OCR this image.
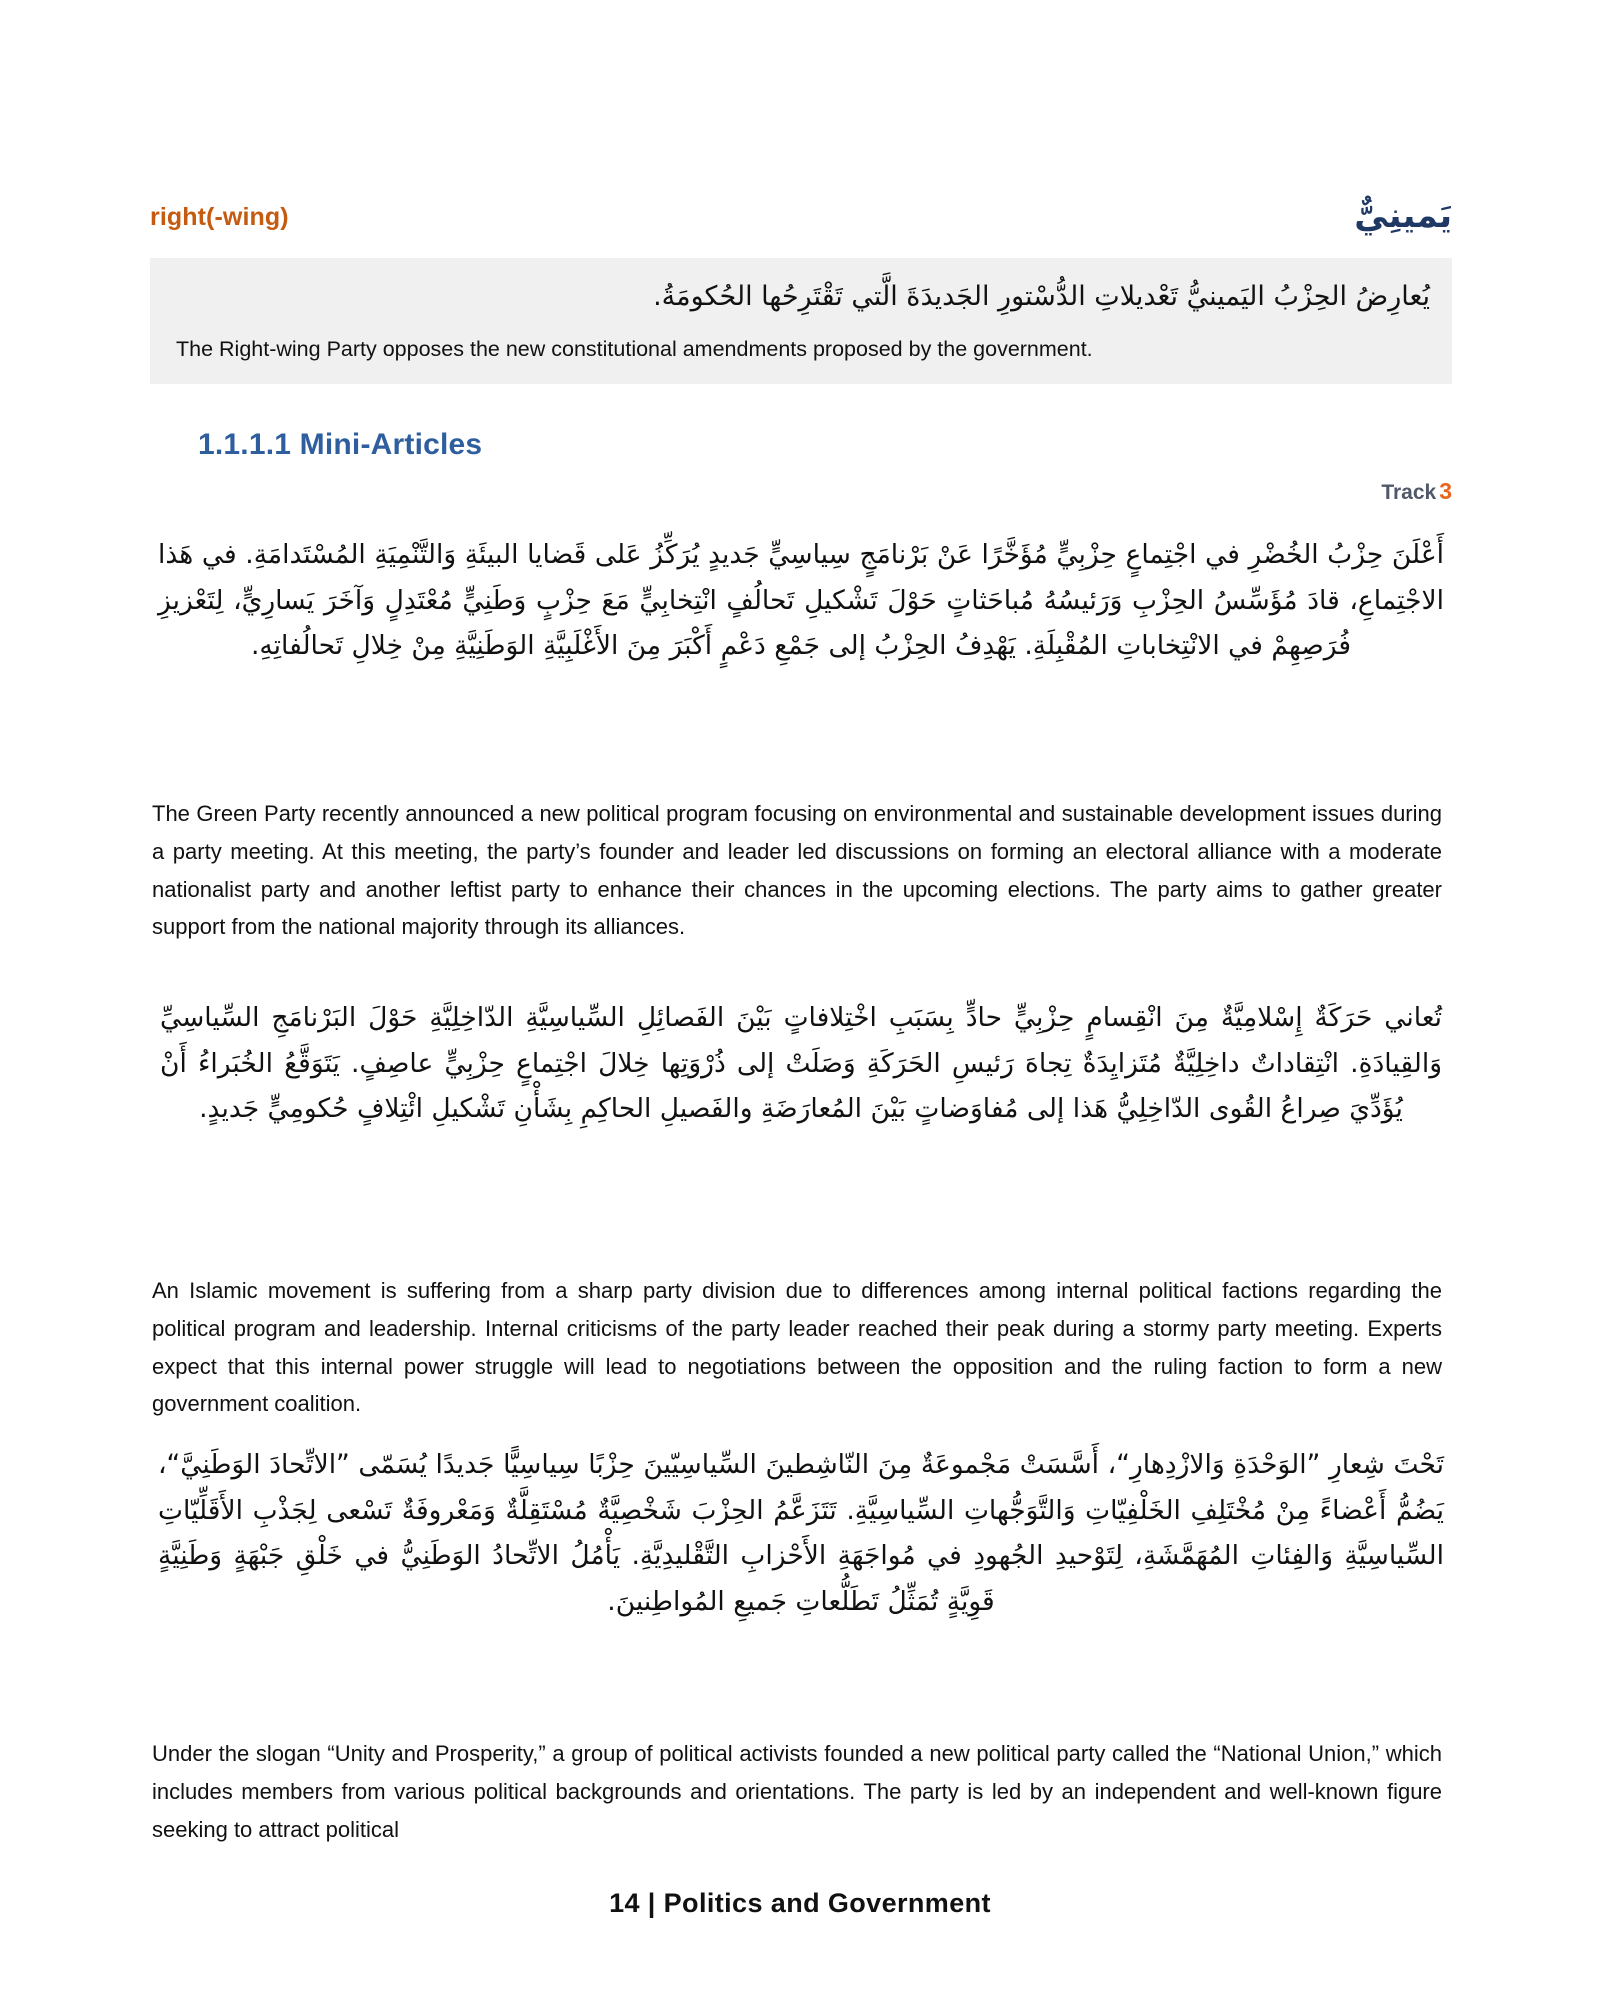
right(-wing)	يَمينِيٌّ

يُعارِضُ الحِزْبُ اليَمينيُّ تَعْديلاتِ الدُّسْتورِ الجَديدَةَ الَّتي تَقْتَرِحُها الحُكومَةُ.

The Right-wing Party opposes the new constitutional amendments proposed by the government.

1.1.1.1 Mini-Articles
Track 3

أَعْلَنَ حِزْبُ الخُضْرِ في اجْتِماعٍ حِزْبِيٍّ مُؤَخَّرًا عَنْ بَرْنامَجٍ سِياسِيٍّ جَديدٍ يُرَكِّزُ عَلى قَضايا البيئَةِ وَالتَّنْمِيَةِ المُسْتَدامَةِ. في هَذا الاجْتِماعِ، قادَ مُؤَسِّسُ الحِزْبِ وَرَئيسُهُ مُباحَثاتٍ حَوْلَ تَشْكيلِ تَحالُفٍ انْتِخابِيٍّ مَعَ حِزْبٍ وَطَنِيٍّ مُعْتَدِلٍ وَآخَرَ يَسارِيٍّ، لِتَعْزيزِ فُرَصِهِمْ في الانْتِخاباتِ المُقْبِلَةِ. يَهْدِفُ الحِزْبُ إلى جَمْعِ دَعْمٍ أَكْبَرَ مِنَ الأَغْلَبِيَّةِ الوَطَنِيَّةِ مِنْ خِلالِ تَحالُفاتِهِ.

The Green Party recently announced a new political program focusing on environmental and sustainable development issues during a party meeting. At this meeting, the party’s founder and leader led discussions on forming an electoral alliance with a moderate nationalist party and another leftist party to enhance their chances in the upcoming elections. The party aims to gather greater support from the national majority through its alliances.

تُعاني حَرَكَةٌ إِسْلامِيَّةٌ مِنَ انْقِسامٍ حِزْبِيٍّ حادٍّ بِسَبَبِ اخْتِلافاتٍ بَيْنَ الفَصائِلِ السِّياسِيَّةِ الدّاخِلِيَّةِ حَوْلَ البَرْنامَجِ السِّياسِيِّ وَالقِيادَةِ. انْتِقاداتٌ داخِلِيَّةٌ مُتَزايِدَةٌ تِجاهَ رَئيسِ الحَرَكَةِ وَصَلَتْ إلى ذُرْوَتِها خِلالَ اجْتِماعٍ حِزْبِيٍّ عاصِفٍ. يَتَوَقَّعُ الخُبَراءُ أَنْ يُؤَدِّيَ صِراعُ القُوى الدّاخِلِيُّ هَذا إلى مُفاوَضاتٍ بَيْنَ المُعارَضَةِ والفَصيلِ الحاكِمِ بِشَأْنِ تَشْكيلِ ائْتِلافٍ حُكومِيٍّ جَديدٍ.

An Islamic movement is suffering from a sharp party division due to differences among internal political factions regarding the political program and leadership. Internal criticisms of the party leader reached their peak during a stormy party meeting. Experts expect that this internal power struggle will lead to negotiations between the opposition and the ruling faction to form a new government coalition.

تَحْتَ شِعارِ ”الوَحْدَةِ وَالازْدِهارِ“، أَسَّسَتْ مَجْموعَةٌ مِنَ النّاشِطينَ السِّياسِيّينَ حِزْبًا سِياسِيًّا جَديدًا يُسَمّى ”الاتِّحادَ الوَطَنِيَّ“، يَضُمُّ أَعْضاءً مِنْ مُخْتَلِفِ الخَلْفِيّاتِ وَالتَّوَجُّهاتِ السِّياسِيَّةِ. تَتَزَعَّمُ الحِزْبَ شَخْصِيَّةٌ مُسْتَقِلَّةٌ وَمَعْروفَةٌ تَسْعى لِجَذْبِ الأَقَلِّيّاتِ السِّياسِيَّةِ وَالفِئاتِ المُهَمَّشَةِ، لِتَوْحيدِ الجُهودِ في مُواجَهَةِ الأَحْزابِ التَّقْليدِيَّةِ. يَأْمُلُ الاتِّحادُ الوَطَنِيُّ في خَلْقِ جَبْهَةٍ وَطَنِيَّةٍ قَوِيَّةٍ تُمَثِّلُ تَطَلُّعاتِ جَميعِ المُواطِنينَ.

Under the slogan “Unity and Prosperity,” a group of political activists founded a new political party called the “National Union,” which includes members from various political backgrounds and orientations. The party is led by an independent and well-known figure seeking to attract political

14 | Politics and Government
